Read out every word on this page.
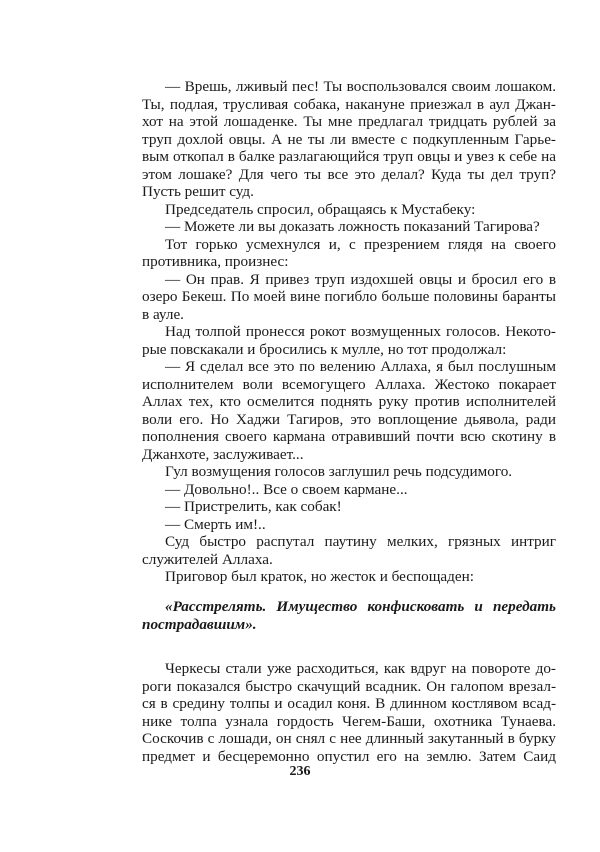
— Врешь, лживый пес! Ты воспользовался своим лошаком.
Ты, подлая, трусливая собака, накануне приезжал в аул Джан-
хот на этой лошаденке. Ты мне предлагал тридцать рублей за
труп дохлой овцы. А не ты ли вместе с подкупленным Гарье-
вым откопал в балке разлагающийся труп овцы и увез к себе на
этом лошаке? Для чего ты все это делал? Куда ты дел труп?
Пусть решит суд.
Председатель спросил, обращаясь к Мустабеку:
— Можете ли вы доказать ложность показаний Тагирова?
Тот горько усмехнулся и, с презрением глядя на своего
противника, произнес:
— Он прав. Я привез труп издохшей овцы и бросил его в
озеро Бекеш. По моей вине погибло больше половины баранты
в ауле.
Над толпой пронесся рокот возмущенных голосов. Некото-
рые повскакали и бросились к мулле, но тот продолжал:
— Я сделал все это по велению Аллаха, я был послушным
исполнителем воли всемогущего Аллаха. Жестоко покарает
Аллах тех, кто осмелится поднять руку против исполнителей
воли его. Но Хаджи Тагиров, это воплощение дьявола, ради
пополнения своего кармана отравивший почти всю скотину в
Джанхоте, заслуживает...
Гул возмущения голосов заглушил речь подсудимого.
— Довольно!.. Все о своем кармане...
— Пристрелить, как собак!
— Смерть им!..
Суд быстро распутал паутину мелких, грязных интриг
служителей Аллаха.
Приговор был краток, но жесток и беспощаден:
«Расстрелять. Имущество конфисковать и передать
пострадавшим».
Черкесы стали уже расходиться, как вдруг на повороте до-
роги показался быстро скачущий всадник. Он галопом врезал-
ся в средину толпы и осадил коня. В длинном костлявом всад-
нике толпа узнала гордость Чегем-Баши, охотника Тунаева.
Соскочив с лошади, он снял с нее длинный закутанный в бурку
предмет и бесцеремонно опустил его на землю. Затем Саид
236
